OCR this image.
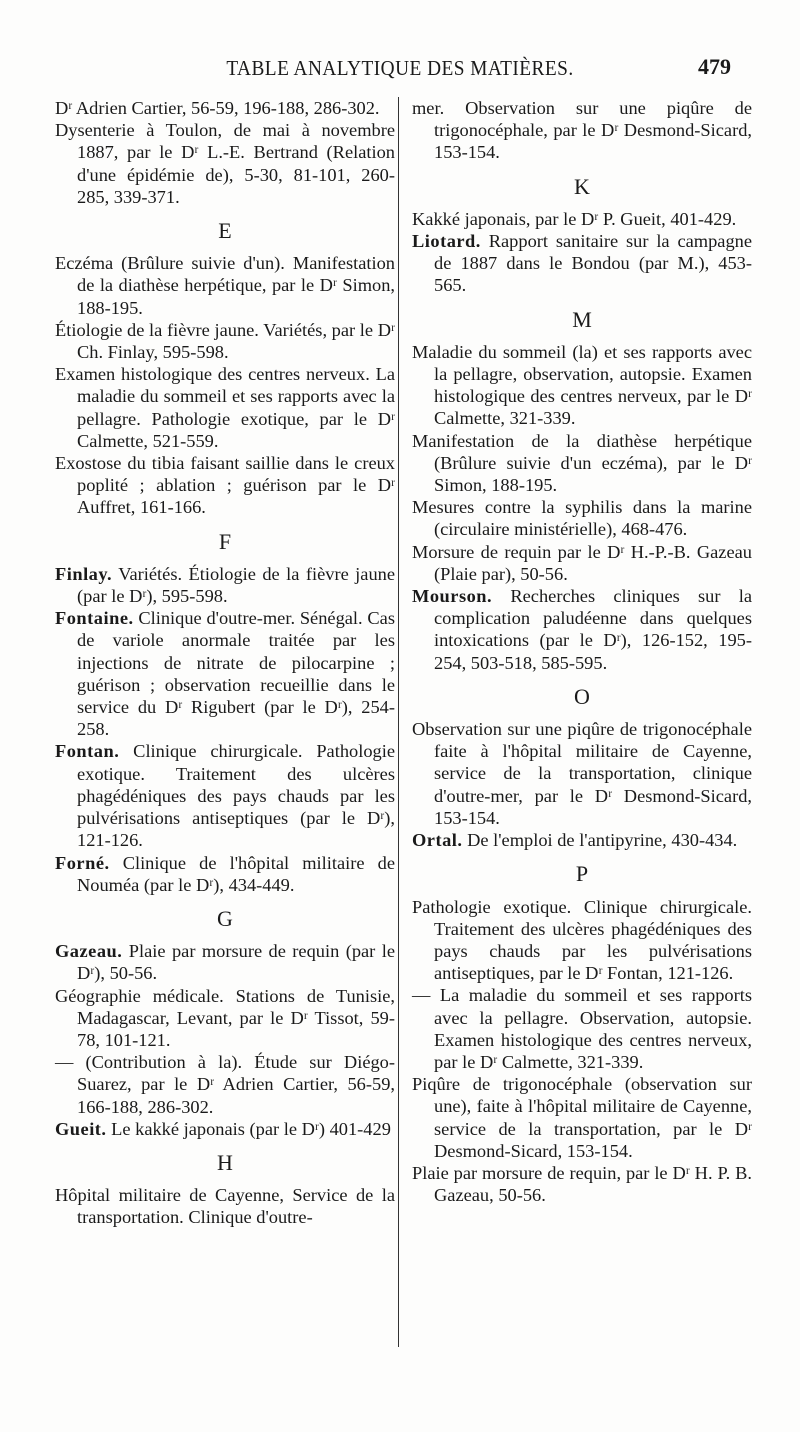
TABLE ANALYTIQUE DES MATIÈRES.	479
Dʳ Adrien Cartier, 56-59, 196-188, 286-302.
Dysenterie à Toulon, de mai à novembre 1887, par le Dʳ L.-E. Bertrand (Relation d'une épidémie de), 5-30, 81-101, 260-285, 339-371.
E
Eczéma (Brûlure suivie d'un). Manifestation de la diathèse herpétique, par le Dʳ Simon, 188-195.
Étiologie de la fièvre jaune. Variétés, par le Dʳ Ch. Finlay, 595-598.
Examen histologique des centres nerveux. La maladie du sommeil et ses rapports avec la pellagre. Pathologie exotique, par le Dʳ Calmette, 521-559.
Exostose du tibia faisant saillie dans le creux poplité ; ablation ; guérison par le Dʳ Auffret, 161-166.
F
Finlay. Variétés. Étiologie de la fièvre jaune (par le Dʳ), 595-598.
Fontaine. Clinique d'outre-mer. Sénégal. Cas de variole anormale traitée par les injections de nitrate de pilocarpine ; guérison ; observation recueillie dans le service du Dʳ Rigubert (par le Dʳ), 254-258.
Fontan. Clinique chirurgicale. Pathologie exotique. Traitement des ulcères phagédéniques des pays chauds par les pulvérisations antiseptiques (par le Dʳ), 121-126.
Forné. Clinique de l'hôpital militaire de Nouméa (par le Dʳ), 434-449.
G
Gazeau. Plaie par morsure de requin (par le Dʳ), 50-56.
Géographie médicale. Stations de Tunisie, Madagascar, Levant, par le Dʳ Tissot, 59-78, 101-121.
— (Contribution à la). Étude sur Diégo-Suarez, par le Dʳ Adrien Cartier, 56-59, 166-188, 286-302.
Gueit. Le kakké japonais (par le Dʳ) 401-429
H
Hôpital militaire de Cayenne, Service de la transportation. Clinique d'outre-
mer. Observation sur une piqûre de trigonocéphale, par le Dʳ Desmond-Sicard, 153-154.
K
Kakké japonais, par le Dʳ P. Gueit, 401-429.
Liotard. Rapport sanitaire sur la campagne de 1887 dans le Bondou (par M.), 453-565.
M
Maladie du sommeil (la) et ses rapports avec la pellagre, observation, autopsie. Examen histologique des centres nerveux, par le Dʳ Calmette, 321-339.
Manifestation de la diathèse herpétique (Brûlure suivie d'un eczéma), par le Dʳ Simon, 188-195.
Mesures contre la syphilis dans la marine (circulaire ministérielle), 468-476.
Morsure de requin par le Dʳ H.-P.-B. Gazeau (Plaie par), 50-56.
Mourson. Recherches cliniques sur la complication paludéenne dans quelques intoxications (par le Dʳ), 126-152, 195-254, 503-518, 585-595.
O
Observation sur une piqûre de trigonocéphale faite à l'hôpital militaire de Cayenne, service de la transportation, clinique d'outre-mer, par le Dʳ Desmond-Sicard, 153-154.
Ortal. De l'emploi de l'antipyrine, 430-434.
P
Pathologie exotique. Clinique chirurgicale. Traitement des ulcères phagédéniques des pays chauds par les pulvérisations antiseptiques, par le Dʳ Fontan, 121-126.
— La maladie du sommeil et ses rapports avec la pellagre. Observation, autopsie. Examen histologique des centres nerveux, par le Dʳ Calmette, 321-339.
Piqûre de trigonocéphale (observation sur une), faite à l'hôpital militaire de Cayenne, service de la transportation, par le Dʳ Desmond-Sicard, 153-154.
Plaie par morsure de requin, par le Dʳ H. P. B. Gazeau, 50-56.
